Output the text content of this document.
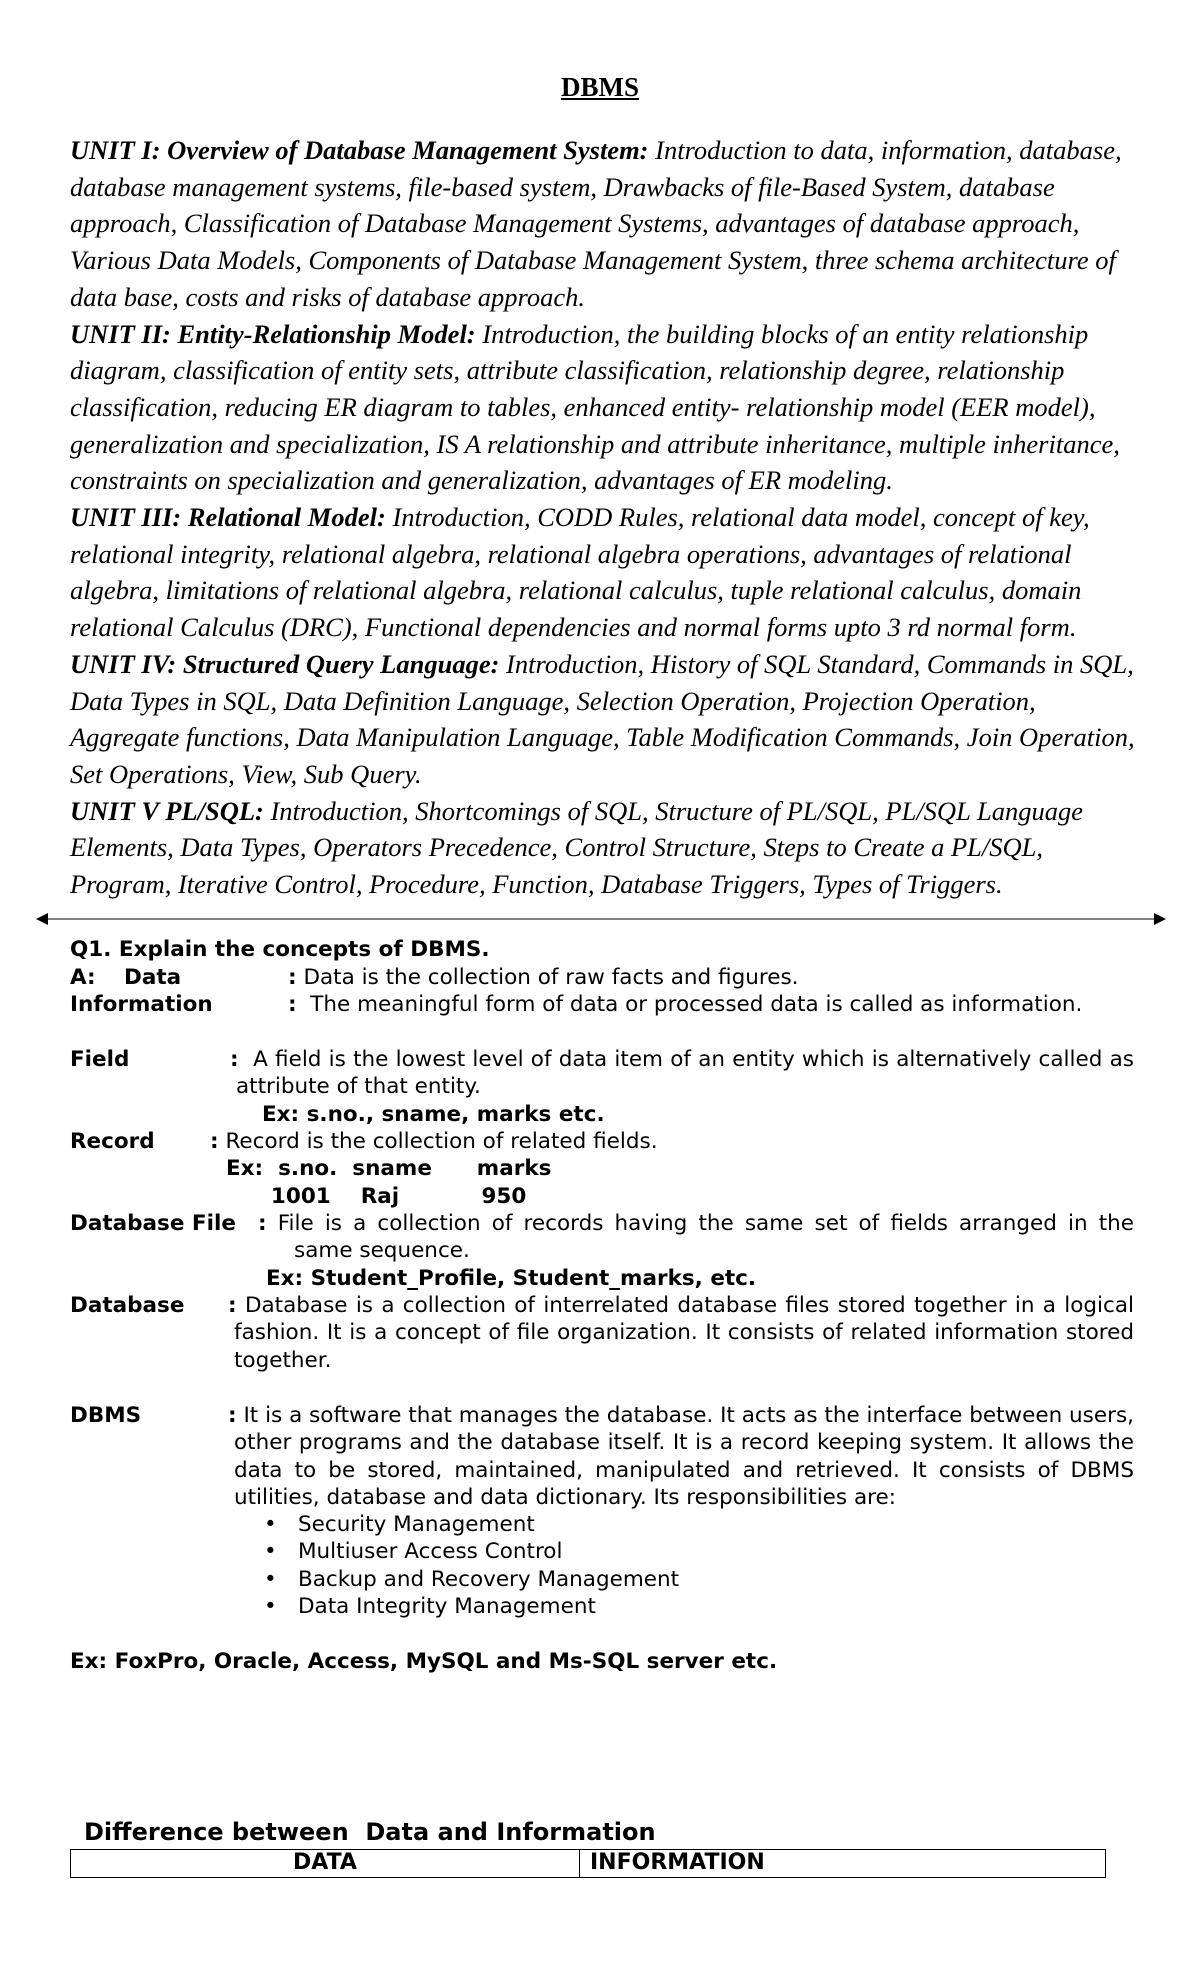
DBMS

UNIT I: Overview of Database Management System: Introduction to data, information, database, database management systems, file-based system, Drawbacks of file-Based System, database approach, Classification of Database Management Systems, advantages of database approach, Various Data Models, Components of Database Management System, three schema architecture of data base, costs and risks of database approach.

UNIT II: Entity-Relationship Model: Introduction, the building blocks of an entity relationship diagram, classification of entity sets, attribute classification, relationship degree, relationship classification, reducing ER diagram to tables, enhanced entity- relationship model (EER model), generalization and specialization, IS A relationship and attribute inheritance, multiple inheritance, constraints on specialization and generalization, advantages of ER modeling.

UNIT III: Relational Model: Introduction, CODD Rules, relational data model, concept of key, relational integrity, relational algebra, relational algebra operations, advantages of relational algebra, limitations of relational algebra, relational calculus, tuple relational calculus, domain relational Calculus (DRC), Functional dependencies and normal forms upto 3 rd normal form.

UNIT IV: Structured Query Language: Introduction, History of SQL Standard, Commands in SQL, Data Types in SQL, Data Definition Language, Selection Operation, Projection Operation, Aggregate functions, Data Manipulation Language, Table Modification Commands, Join Operation, Set Operations, View, Sub Query.

UNIT V PL/SQL: Introduction, Shortcomings of SQL, Structure of PL/SQL, PL/SQL Language Elements, Data Types, Operators Precedence, Control Structure, Steps to Create a PL/SQL, Program, Iterative Control, Procedure, Function, Database Triggers, Types of Triggers.

Q1. Explain the concepts of DBMS.
A: Data	: Data is the collection of raw facts and figures.
Information	: The meaningful form of data or processed data is called as information.
Field	: A field is the lowest level of data item of an entity which is alternatively called as attribute of that entity.
Ex: s.no., sname, marks etc.
Record	: Record is the collection of related fields.
Ex:  s.no.  sname      marks
1001    Raj           950
Database File : File is a collection of records having the same set of fields arranged in the same sequence.
Ex: Student_Profile, Student_marks, etc.
Database	: Database is a collection of interrelated database files stored together in a logical fashion. It is a concept of file organization. It consists of related information stored together.
DBMS	: It is a software that manages the database. It acts as the interface between users, other programs and the database itself. It is a record keeping system. It allows the data to be stored, maintained, manipulated and retrieved. It consists of DBMS utilities, database and data dictionary. Its responsibilities are:
• Security Management
• Multiuser Access Control
• Backup and Recovery Management
• Data Integrity Management
Ex: FoxPro, Oracle, Access, MySQL and Ms-SQL server etc.
Difference between  Data and Information
DATA	INFORMATION
